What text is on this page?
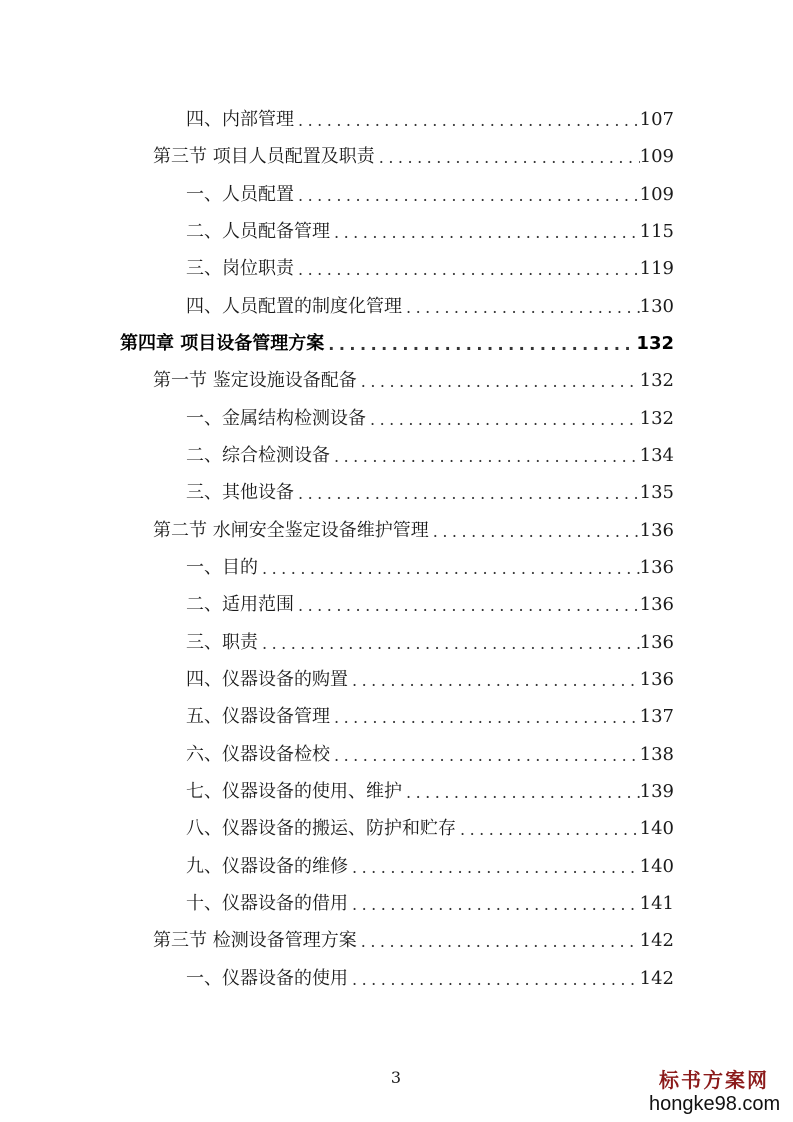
四、内部管理 .....	107
第三节 项目人员配置及职责 .....	109
一、人员配置 .....	109
二、人员配备管理 .....	115
三、岗位职责 .....	119
四、人员配置的制度化管理 .....	130
第四章 项目设备管理方案 .....	132
第一节 鉴定设施设备配备 .....	132
一、金属结构检测设备 .....	132
二、综合检测设备 .....	134
三、其他设备 .....	135
第二节 水闸安全鉴定设备维护管理 .....	136
一、目的 .....	136
二、适用范围 .....	136
三、职责 .....	136
四、仪器设备的购置 .....	136
五、仪器设备管理 .....	137
六、仪器设备检校 .....	138
七、仪器设备的使用、维护 .....	139
八、仪器设备的搬运、防护和贮存 .....	140
九、仪器设备的维修 .....	140
十、仪器设备的借用 .....	141
第三节 检测设备管理方案 .....	142
一、仪器设备的使用 .....	142
3	标书方案网
hongke98.com
